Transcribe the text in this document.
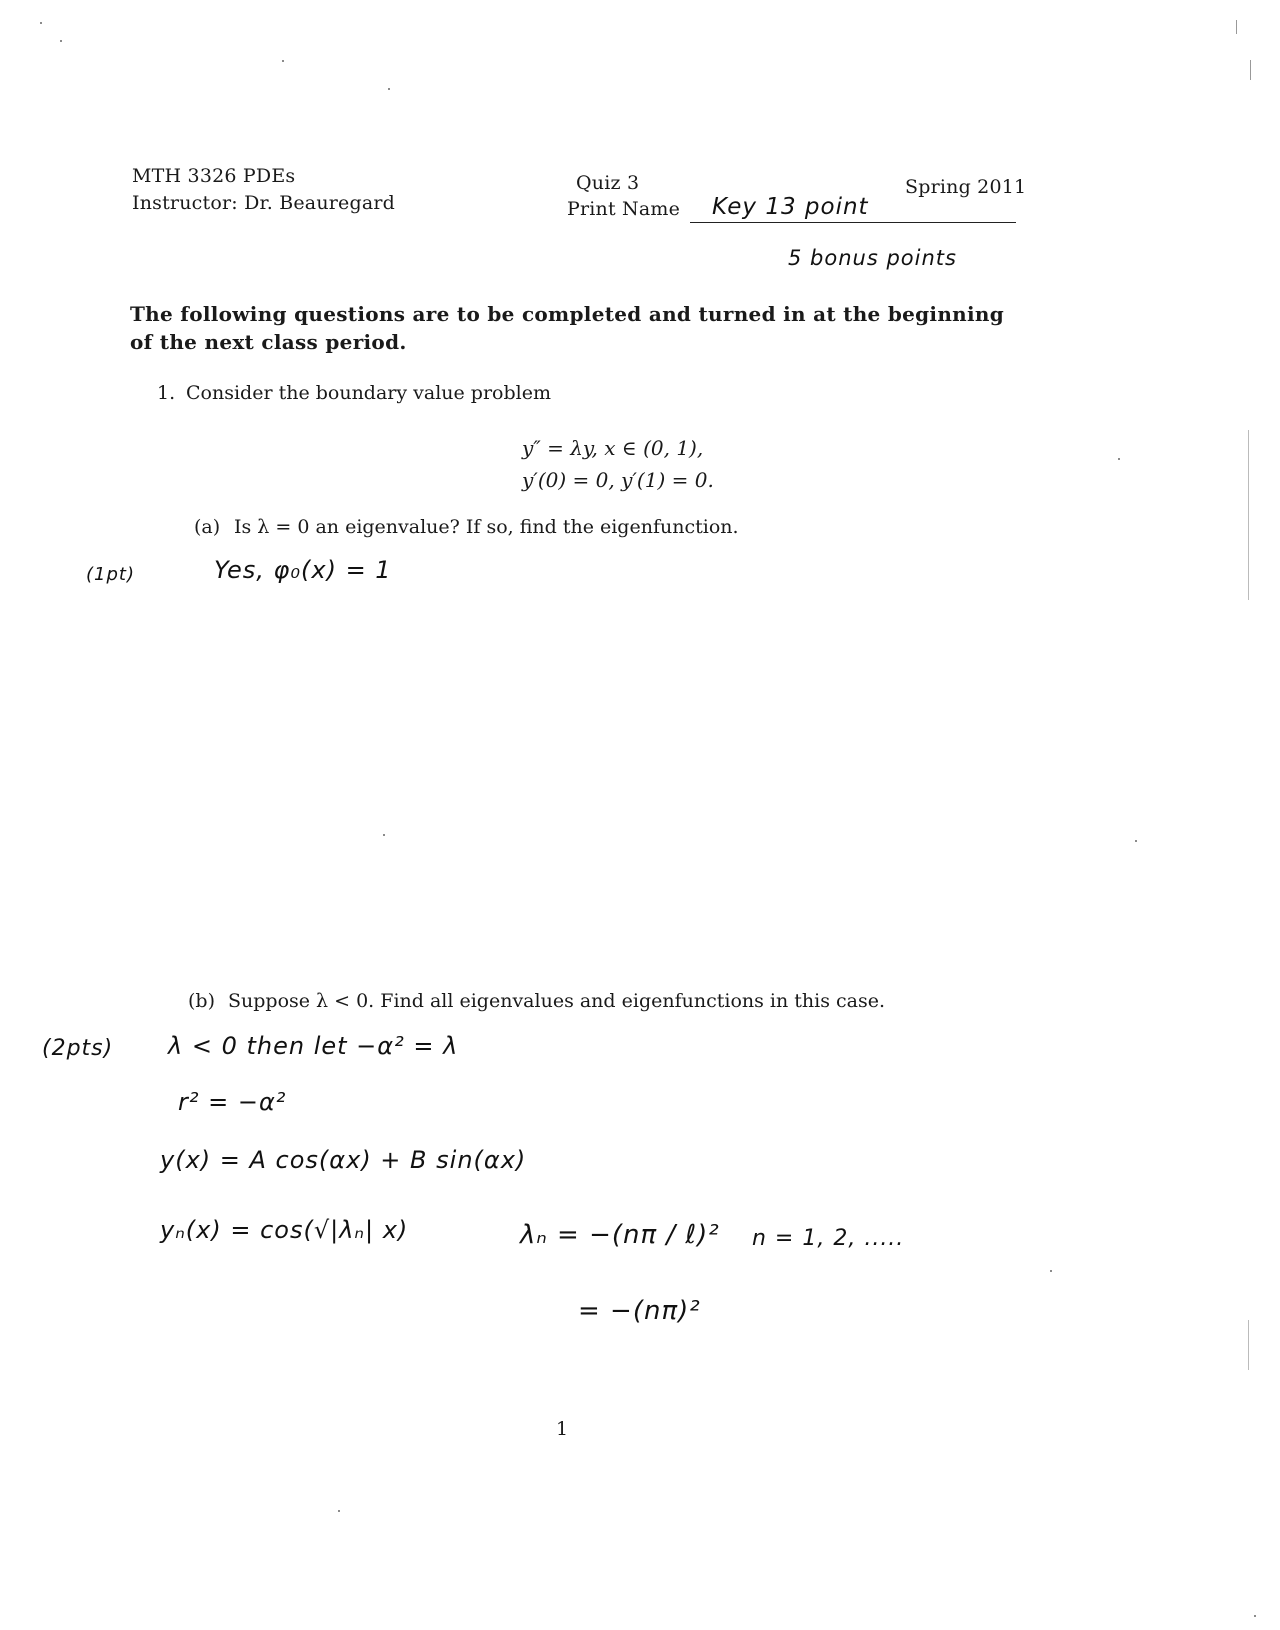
MTH 3326 PDEs
Instructor: Dr. Beauregard
Quiz 3
Print Name Key 13 point
Spring 2011
5 bonus points
The following questions are to be completed and turned in at the beginning
of the next class period.
1. Consider the boundary value problem
y″ = λy, x ∈ (0, 1),
y′(0) = 0, y′(1) = 0.
(a) Is λ = 0 an eigenvalue? If so, find the eigenfunction.
(1pt)	Yes, φ₀(x) = 1
(b) Suppose λ < 0. Find all eigenvalues and eigenfunctions in this case.
(2pts) λ < 0 then let −α² = λ
r² = −α²
y(x) = A cos(αx) + B sin(αx)
yₙ(x) = cos(√|λₙ| x)	λₙ = −(nπ / ℓ)²
= −(nπ)²
n = 1, 2, .....
1
